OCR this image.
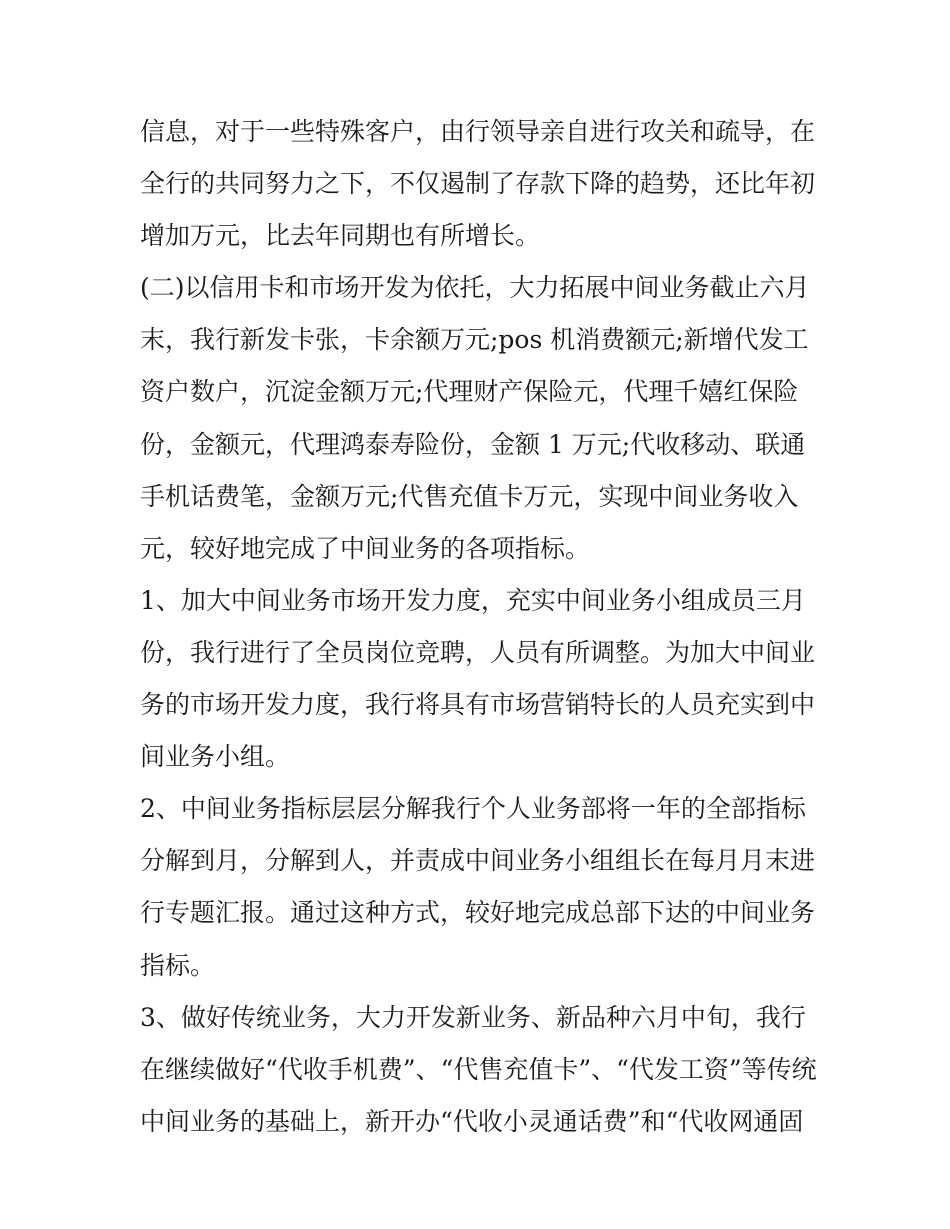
信息，对于一些特殊客户，由行领导亲自进行攻关和疏导，在
全行的共同努力之下，不仅遏制了存款下降的趋势，还比年初
增加万元，比去年同期也有所增长。
(二)以信用卡和市场开发为依托，大力拓展中间业务截止六月
末，我行新发卡张，卡余额万元;pos 机消费额元;新增代发工
资户数户，沉淀金额万元;代理财产保险元，代理千嬉红保险
份，金额元，代理鸿泰寿险份，金额 1 万元;代收移动、联通
手机话费笔，金额万元;代售充值卡万元，实现中间业务收入
元，较好地完成了中间业务的各项指标。
1、加大中间业务市场开发力度，充实中间业务小组成员三月
份，我行进行了全员岗位竞聘，人员有所调整。为加大中间业
务的市场开发力度，我行将具有市场营销特长的人员充实到中
间业务小组。
2、中间业务指标层层分解我行个人业务部将一年的全部指标
分解到月，分解到人，并责成中间业务小组组长在每月月末进
行专题汇报。通过这种方式，较好地完成总部下达的中间业务
指标。
3、做好传统业务，大力开发新业务、新品种六月中旬，我行
在继续做好“代收手机费”、“代售充值卡”、“代发工资”等传统
中间业务的基础上，新开办“代收小灵通话费”和“代收网通固
